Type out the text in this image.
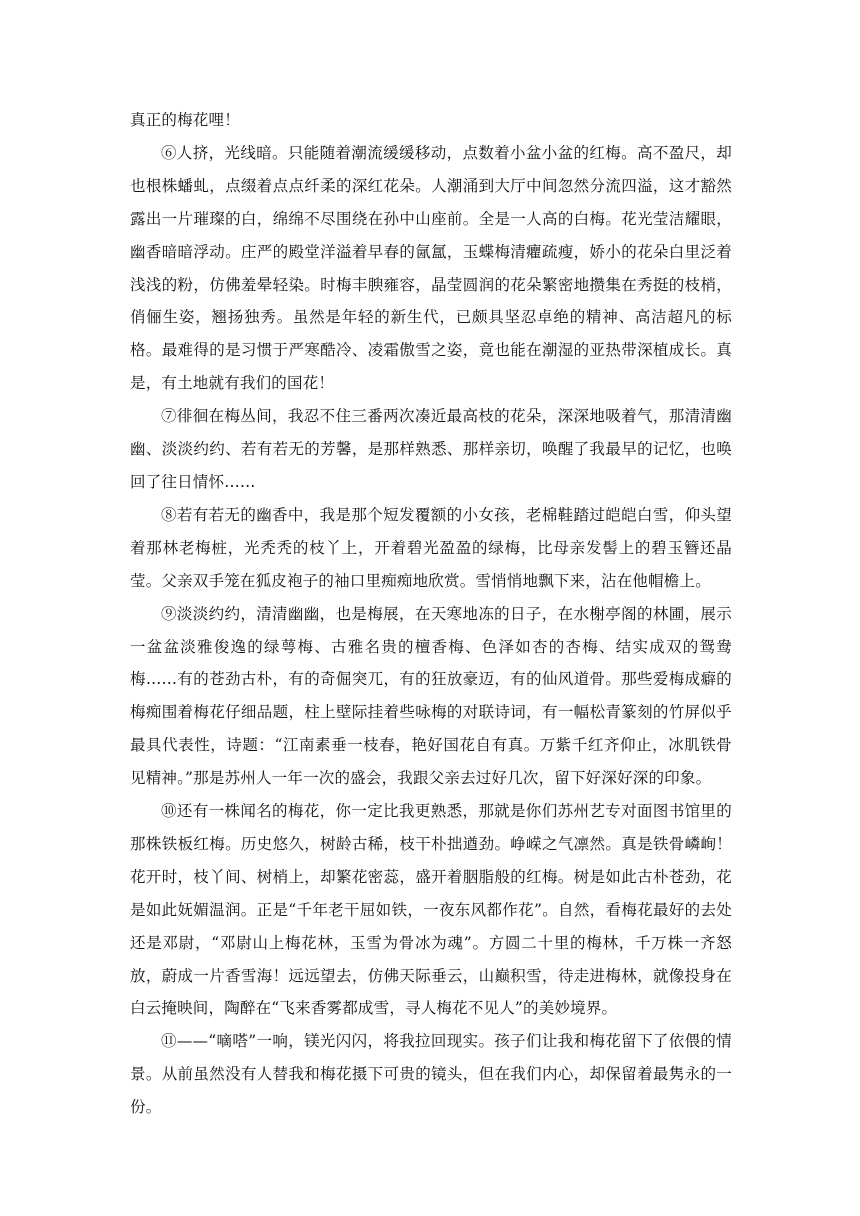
真正的梅花哩！

⑥人挤，光线暗。只能随着潮流缓缓移动，点数着小盆小盆的红梅。高不盈尺，却也根株蟠虬，点缀着点点纤柔的深红花朵。人潮涌到大厅中间忽然分流四溢，这才豁然露出一片璀璨的白，绵绵不尽围绕在孙中山座前。全是一人高的白梅。花光莹洁耀眼，幽香暗暗浮动。庄严的殿堂洋溢着早春的氤氲，玉蝶梅清癯疏瘦，娇小的花朵白里泛着浅浅的粉，仿佛羞晕轻染。时梅丰腴雍容，晶莹圆润的花朵繁密地攒集在秀挺的枝梢，俏俪生姿，翘扬独秀。虽然是年轻的新生代，已颇具坚忍卓绝的精神、高洁超凡的标格。最难得的是习惯于严寒酷冷、凌霜傲雪之姿，竟也能在潮湿的亚热带深植成长。真是，有土地就有我们的国花！

⑦徘徊在梅丛间，我忍不住三番两次凑近最高枝的花朵，深深地吸着气，那清清幽幽、淡淡约约、若有若无的芳馨，是那样熟悉、那样亲切，唤醒了我最早的记忆，也唤回了往日情怀……

⑧若有若无的幽香中，我是那个短发覆额的小女孩，老棉鞋踏过皑皑白雪，仰头望着那林老梅桩，光秃秃的枝丫上，开着碧光盈盈的绿梅，比母亲发髻上的碧玉簪还晶莹。父亲双手笼在狐皮袍子的袖口里痴痴地欣赏。雪悄悄地飘下来，沾在他帽檐上。

⑨淡淡约约，清清幽幽，也是梅展，在天寒地冻的日子，在水榭亭阁的林圃，展示一盆盆淡雅俊逸的绿萼梅、古雅名贵的檀香梅、色泽如杏的杏梅、结实成双的鸳鸯梅……有的苍劲古朴，有的奇倔突兀，有的狂放豪迈，有的仙风道骨。那些爱梅成癖的梅痴围着梅花仔细品题，柱上壁际挂着些咏梅的对联诗词，有一幅松青篆刻的竹屏似乎最具代表性，诗题：“江南素垂一枝春，艳好国花自有真。万紫千红齐仰止，冰肌铁骨见精神。”那是苏州人一年一次的盛会，我跟父亲去过好几次，留下好深好深的印象。

⑩还有一株闻名的梅花，你一定比我更熟悉，那就是你们苏州艺专对面图书馆里的那株铁板红梅。历史悠久，树龄古稀，枝干朴拙遒劲。峥嵘之气凛然。真是铁骨嶙峋！花开时，枝丫间、树梢上，却繁花密蕊，盛开着胭脂般的红梅。树是如此古朴苍劲，花是如此妩媚温润。正是“千年老干屈如铁，一夜东风都作花”。自然，看梅花最好的去处还是邓尉，“邓尉山上梅花林，玉雪为骨冰为魂”。方圆二十里的梅林，千万株一齐怒放，蔚成一片香雪海！远远望去，仿佛天际垂云，山巅积雪，待走进梅林，就像投身在白云掩映间，陶醉在“飞来香雾都成雪，寻人梅花不见人”的美妙境界。

⑪——“嘀嗒”一响，镁光闪闪，将我拉回现实。孩子们让我和梅花留下了依偎的情景。从前虽然没有人替我和梅花摄下可贵的镜头，但在我们内心，却保留着最隽永的一份。
